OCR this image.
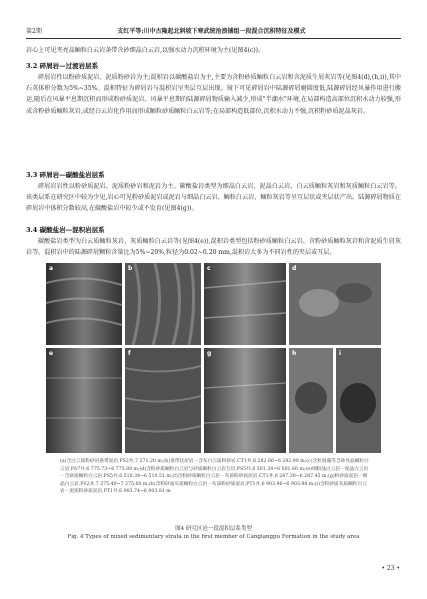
第2期	支红平等:川中古隆起北斜坡下寒武统沧浪铺组一段混合沉积特征及模式
岩心上可见夹亮晶鲕粒白云岩条带含砂细晶白云岩,以强水动力沉积环境为主(见图4(c))。
3.2 碎屑岩—过渡岩层系
碎屑岩性以粉砂质泥岩、泥质粉砂岩为主;混积岩以碳酸盐岩为主,主要为含粉砂质鲕粒白云岩和含泥质生屑灰岩等(见图4(d),(h,i)),其中石英体积分数为5%~35%。混积特征为碎屑岩与混积岩呈夹层互层出现。镜下可见碎屑岩中陆源碎屑磨圆度低,陆源碎屑经风暴作用进行搬运,随后在风暴平息期沉积而形成粉砂质泥岩。风暴平息期的陆源碎屑物质输入减少,形成"半潮水"环境,在局部构造高部位沉积水动力较强,形成含粉砂质鲕粒灰岩,或经白云岩化作用而形成鲕粒砂质鲕粒白云岩等;在局部构造低部位,沉积水动力不强,沉积粉砂质泥晶灰岩。
3.3 碎屑岩—碳酸盐岩层系
碎屑岩岩性以粉砂质泥岩、泥质粉砂岩和泥岩为主。碳酸盐岩类型为细晶白云岩、泥晶白云岩、白云质鲕粒灰岩和灰质鲕粒白云岩等。该类层系在研究区中较为少见,岩心可见粉砂质泥岩或泥岩与细晶白云岩、鲕粒白云岩、鲕粒灰岩等呈互层状或夹层状产出。陆源碎屑物质在碎屑岩中体积分数较高,在碳酸盐岩中较少或不发育(见图4(g))。
3.4 碳酸盐岩—混积岩层系
碳酸盐岩类型为白云质鲕粒灰岩、灰质鲕粒白云岩等(见图4(e)),混积岩类型包括粉砂质鲕粒白云岩、含粉砂质鲕粒灰岩和含泥质生屑灰岩等。混积岩中的陆源碎屑颗粒含量比为5%~20%,粒径为0.02~0.20 mm,混积岩大多为不同岩性的夹层或互层。
a	b	c	d
e	f	g	h	i
(a)含白云质粉砂岩条带泥岩,PS2井,7 271.20 m;(b)条带状泥岩一含灰白云质粉砂岩,CT1井,6 282.66~6 282.99 m;(c)含粒屑藻等含砂亮晶鲕粒白云岩,PS7井,6 775.73~6 775.89 m;(d)含粉砂质鲕粒白云岩与砂质鲕粒白云岩互层,PS5井,6 501.38~6 501.60 m;(e)细粉晶白云岩一泥晶白云岩一含砂质鲕粒白云岩,PS5井,6 510.34~6 510.51 m;(f)含粉砂质鲕粒白云岩一灰质粉砂质泥岩,CT1井,6 287.30~6 287.45 m;(g)粉砂质泥岩一细晶白云岩,PS2井,7 275.40~7 275.60 m;(h)含粉砂质灰质鲕粒白云岩一灰质粉砂质泥岩,PT1井,6 903.96~6 903.98 m;(i)含粉砂质灰质鲕粒白云岩一泥质粉砂质泥岩,PT1井,6 903.74~6 903.81 m
图4 研究区沧一段混积层系类型
Fig. 4 Types of mixed sedimentary strata in the first member of Canglangpu Formation in the study area
• 23 •
